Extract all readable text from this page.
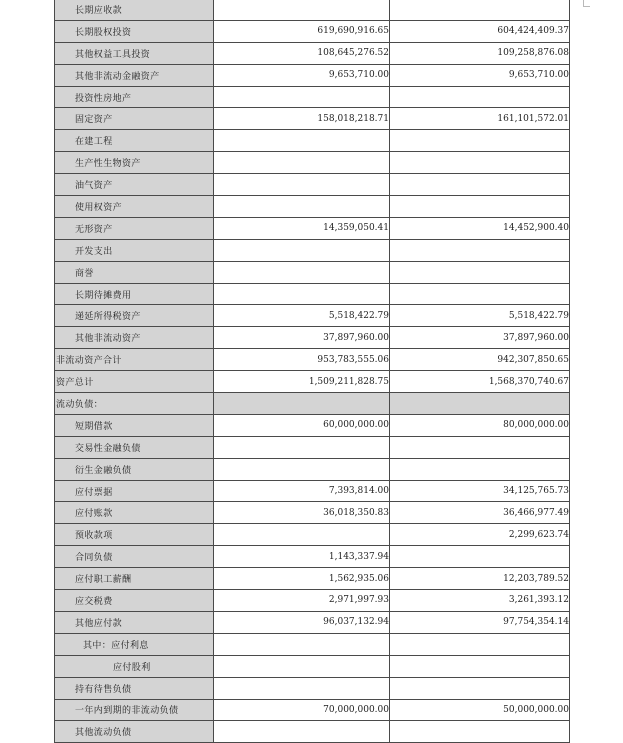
长期应收款		
长期股权投资	619,690,916.65	604,424,409.37
其他权益工具投资	108,645,276.52	109,258,876.08
其他非流动金融资产	9,653,710.00	9,653,710.00
投资性房地产		
固定资产	158,018,218.71	161,101,572.01
在建工程		
生产性生物资产		
油气资产		
使用权资产		
无形资产	14,359,050.41	14,452,900.40
开发支出		
商誉		
长期待摊费用		
递延所得税资产	5,518,422.79	5,518,422.79
其他非流动资产	37,897,960.00	37,897,960.00
非流动资产合计	953,783,555.06	942,307,850.65
资产总计	1,509,211,828.75	1,568,370,740.67
流动负债：		
短期借款	60,000,000.00	80,000,000.00
交易性金融负债		
衍生金融负债		
应付票据	7,393,814.00	34,125,765.73
应付账款	36,018,350.83	36,466,977.49
预收款项		2,299,623.74
合同负债	1,143,337.94	
应付职工薪酬	1,562,935.06	12,203,789.52
应交税费	2,971,997.93	3,261,393.12
其他应付款	96,037,132.94	97,754,354.14
其中：应付利息		
应付股利		
持有待售负债		
一年内到期的非流动负债	70,000,000.00	50,000,000.00
其他流动负债		
